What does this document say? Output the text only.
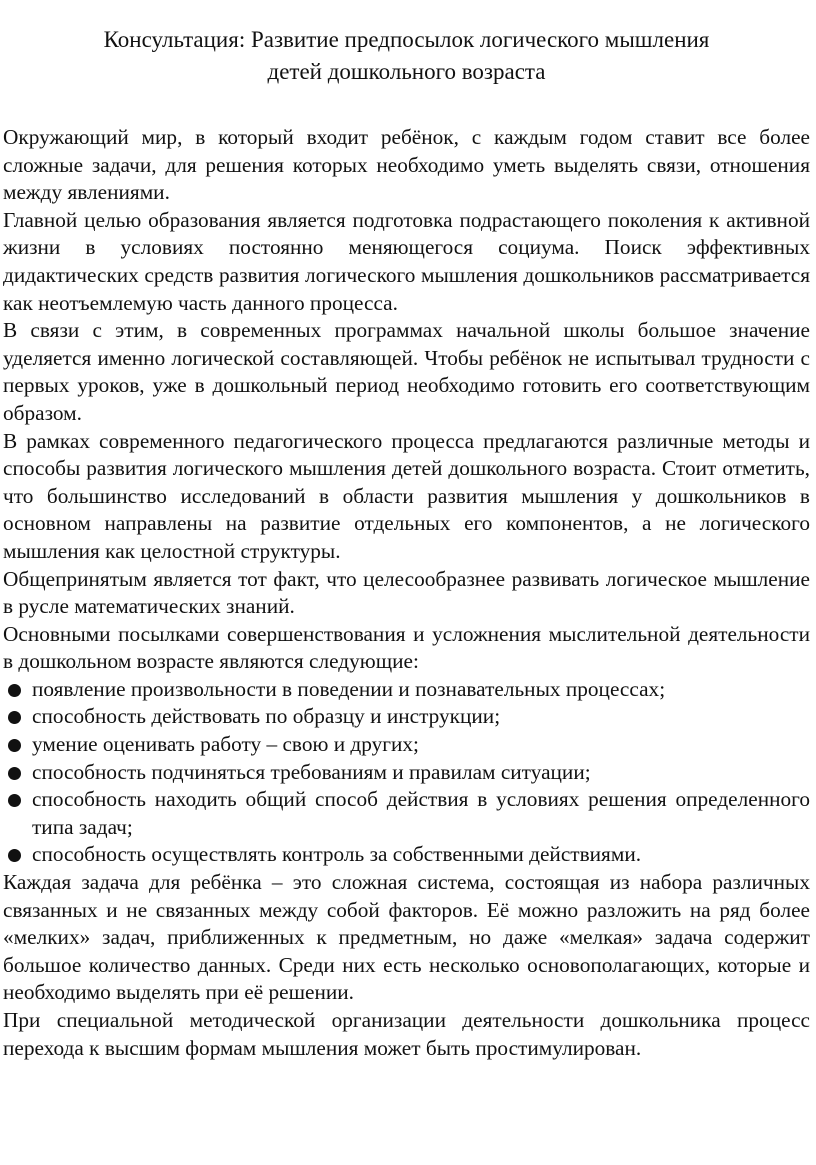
Консультация: Развитие предпосылок логического мышления
детей дошкольного возраста

Окружающий мир, в который входит ребёнок, с каждым годом ставит все более сложные задачи, для решения которых необходимо уметь выделять связи, отношения между явлениями.

Главной целью образования является подготовка подрастающего поколения к активной жизни в условиях постоянно меняющегося социума. Поиск эффективных дидактических средств развития логического мышления дошкольников рассматривается как неотъемлемую часть данного процесса.

В связи с этим, в современных программах начальной школы большое значение уделяется именно логической составляющей. Чтобы ребёнок не испытывал трудности с первых уроков, уже в дошкольный период необходимо готовить его соответствующим образом.

В рамках современного педагогического процесса предлагаются различные методы и способы развития логического мышления детей дошкольного возраста. Стоит отметить, что большинство исследований в области развития мышления у дошкольников в основном направлены на развитие отдельных его компонентов, а не логического мышления как целостной структуры.

Общепринятым является тот факт, что целесообразнее развивать логическое мышление в русле математических знаний.

Основными посылками совершенствования и усложнения мыслительной деятельности в дошкольном возрасте являются следующие:

появление произвольности в поведении и познавательных процессах;
способность действовать по образцу и инструкции;
умение оценивать работу – свою и других;
способность подчиняться требованиям и правилам ситуации;
способность находить общий способ действия в условиях решения определенного типа задач;
способность осуществлять контроль за собственными действиями.

Каждая задача для ребёнка – это сложная система, состоящая из набора различных связанных и не связанных между собой факторов. Её можно разложить на ряд более «мелких» задач, приближенных к предметным, но даже «мелкая» задача содержит большое количество данных. Среди них есть несколько основополагающих, которые и необходимо выделять при её решении.

При специальной методической организации деятельности дошкольника процесс перехода к высшим формам мышления может быть простимулирован.
